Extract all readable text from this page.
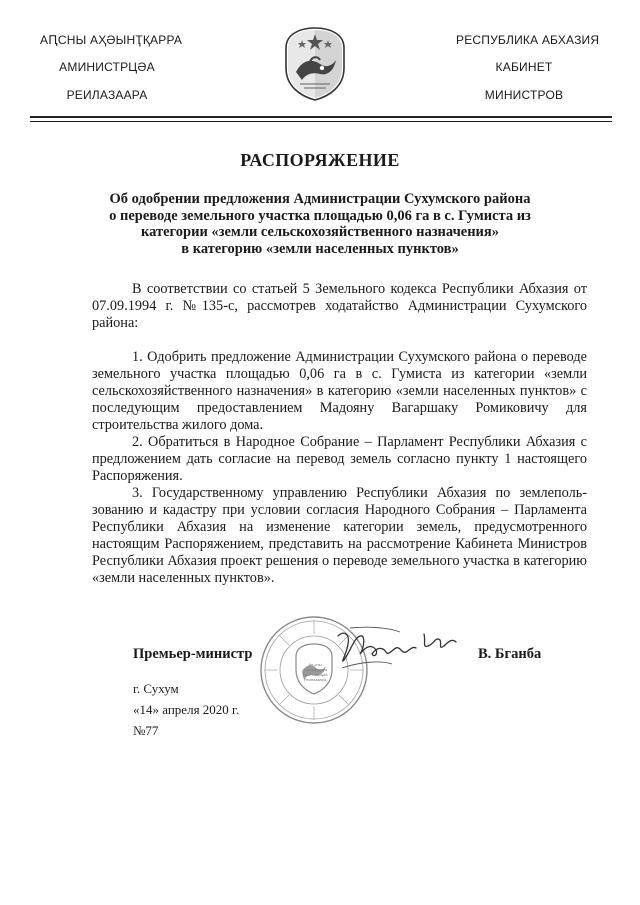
АԤСНЫ АҲӘЫНҬҚАРРА
АМИНИСТРЦӘА
РЕИЛАЗААРА
РЕСПУБЛИКА АБХАЗИЯ
КАБИНЕТ
МИНИСТРОВ
РАСПОРЯЖЕНИЕ
Об одобрении предложения Администрации Сухумского района
о переводе земельного участка площадью 0,06 га в с. Гумиста из
категории «земли сельскохозяйственного назначения»
в категорию «земли населенных пунктов»

В соответствии со статьей 5 Земельного кодекса Республики Абхазия от 07.09.1994 г. №135-с, рассмотрев ходатайство Администрации Сухумского района:

1. Одобрить предложение Администрации Сухумского района о переводе земельного участка площадью 0,06 га в с. Гумиста из категории «земли сельскохозяйственного назначения» в категорию «земли населенных пунктов» с последующим предоставлением Мадояну Вагаршаку Ромиковичу для строительства жилого дома.

2. Обратиться в Народное Собрание – Парламент Республики Абхазия с предложением дать согласие на перевод земель согласно пункту 1 настоящего Распоряжения.

3. Государственному управлению Республики Абхазия по землеполь-зованию и кадастру при условии согласия Народного Собрания – Парламента Республики Абхазия на изменение категории земель, предусмотренного настоящим Распоряжением, представить на рассмотрение Кабинета Министров Республики Абхазия проект решения о переводе земельного участка в категорию «земли населенных пунктов».

Аҧсны Аҳәынҭқарра Аминистрцәа Реилазаара
Премьер-министр	В. Бганба
г. Сухум
«14» апреля 2020 г.
№77
